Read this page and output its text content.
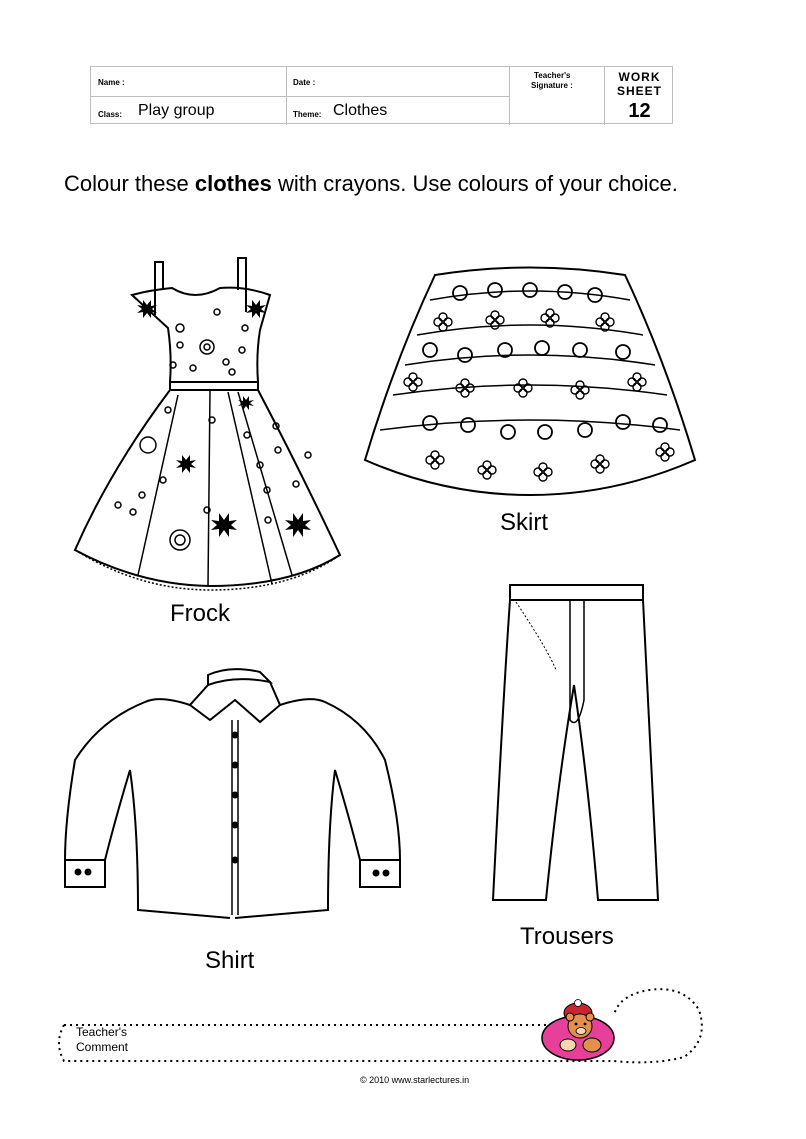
Name :	Date :
Teacher's
Signature :
Class: Play group	Theme: Clothes
WORK
SHEET
12
Colour these clothes with crayons. Use colours of your choice.
Frock
Skirt
Shirt
Trousers
Teacher's
Comment
© 2010 www.starlectures.in
